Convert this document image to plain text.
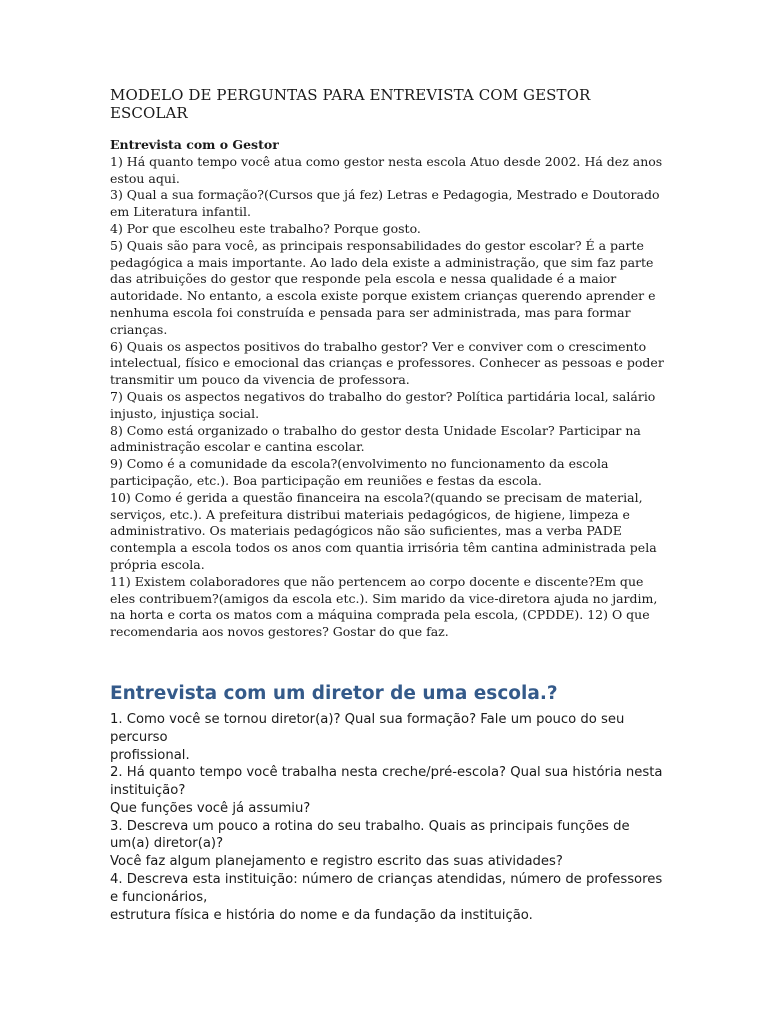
MODELO DE PERGUNTAS PARA ENTREVISTA COM GESTOR ESCOLAR

Entrevista com o Gestor

1) Há quanto tempo você atua como gestor nesta escola Atuo desde 2002. Há dez anos estou aqui.

3) Qual a sua formação?(Cursos que já fez) Letras e Pedagogia, Mestrado e Doutorado em Literatura infantil.

4) Por que escolheu este trabalho? Porque gosto.

5) Quais são para você, as principais responsabilidades do gestor escolar? É a parte pedagógica a mais importante. Ao lado dela existe a administração, que sim faz parte das atribuições do gestor que responde pela escola e nessa qualidade é a maior autoridade. No entanto, a escola existe porque existem crianças querendo aprender e nenhuma escola foi construída e pensada para ser administrada, mas para formar crianças.

6) Quais os aspectos positivos do trabalho gestor? Ver e conviver com o crescimento intelectual, físico e emocional das crianças e professores. Conhecer as pessoas e poder transmitir um pouco da vivencia de professora.

7) Quais os aspectos negativos do trabalho do gestor? Política partidária local, salário injusto, injustiça social.

8) Como está organizado o trabalho do gestor desta Unidade Escolar? Participar na administração escolar e cantina escolar.

9) Como é a comunidade da escola?(envolvimento no funcionamento da escola participação, etc.). Boa participação em reuniões e festas da escola.

10) Como é gerida a questão financeira na escola?(quando se precisam de material, serviços, etc.). A prefeitura distribui materiais pedagógicos, de higiene, limpeza e administrativo. Os materiais pedagógicos não são suficientes, mas a verba PADE contempla a escola todos os anos com quantia irrisória têm cantina administrada pela própria escola.

11) Existem colaboradores que não pertencem ao corpo docente e discente?Em que eles contribuem?(amigos da escola etc.). Sim marido da vice-diretora ajuda no jardim, na horta e corta os matos com a máquina comprada pela escola, (CPDDE). 12) O que recomendaria aos novos gestores? Gostar do que faz.

Entrevista com um diretor de uma escola.?

1. Como você se tornou diretor(a)? Qual sua formação? Fale um pouco do seu percurso

profissional.

2. Há quanto tempo você trabalha nesta creche/pré-escola? Qual sua história nesta instituição?

Que funções você já assumiu?

3. Descreva um pouco a rotina do seu trabalho. Quais as principais funções de um(a) diretor(a)?

Você faz algum planejamento e registro escrito das suas atividades?

4. Descreva esta instituição: número de crianças atendidas, número de professores e funcionários,

estrutura física e história do nome e da fundação da instituição.
